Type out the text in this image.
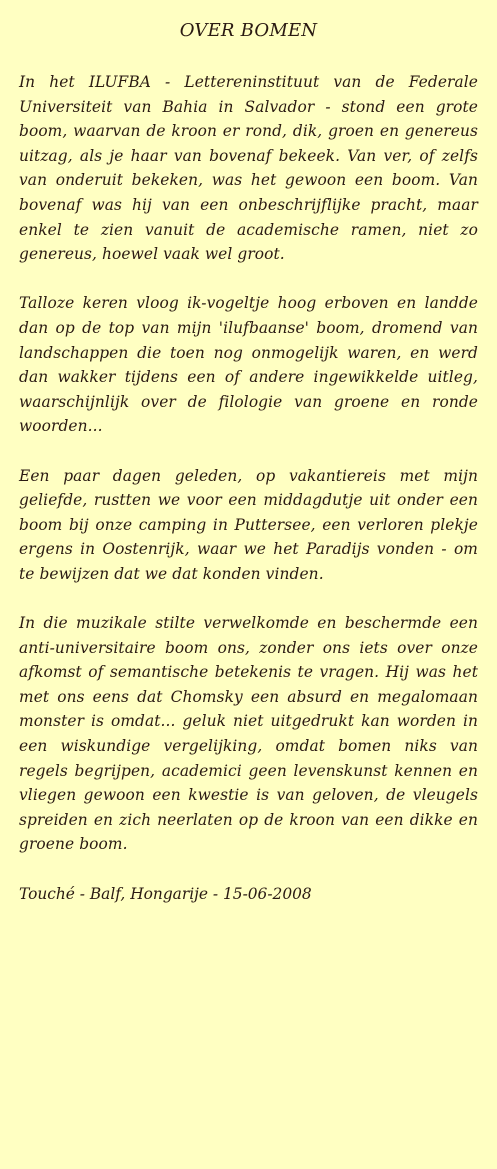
OVER BOMEN

In het ILUFBA - Lettereninstituut van de Federale Universiteit van Bahia in Salvador - stond een grote boom, waarvan de kroon er rond, dik, groen en genereus uitzag, als je haar van bovenaf bekeek. Van ver, of zelfs van onderuit bekeken, was het gewoon een boom. Van bovenaf was hij van een onbeschrijflijke pracht, maar enkel te zien vanuit de academische ramen, niet zo genereus, hoewel vaak wel groot.

Talloze keren vloog ik-vogeltje hoog erboven en landde dan op de top van mijn 'ilufbaanse' boom, dromend van landschappen die toen nog onmogelijk waren, en werd dan wakker tijdens een of andere ingewikkelde uitleg, waarschijnlijk over de filologie van groene en ronde woorden...

Een paar dagen geleden, op vakantiereis met mijn geliefde, rustten we voor een middagdutje uit onder een boom bij onze camping in Puttersee, een verloren plekje ergens in Oostenrijk, waar we het Paradijs vonden - om te bewijzen dat we dat konden vinden.

In die muzikale stilte verwelkomde en beschermde een anti-universitaire boom ons, zonder ons iets over onze afkomst of semantische betekenis te vragen. Hij was het met ons eens dat Chomsky een absurd en megalomaan monster is omdat... geluk niet uitgedrukt kan worden in een wiskundige vergelijking, omdat bomen niks van regels begrijpen, academici geen levenskunst kennen en vliegen gewoon een kwestie is van geloven, de vleugels spreiden en zich neerlaten op de kroon van een dikke en groene boom.

Touché - Balf, Hongarije - 15-06-2008
